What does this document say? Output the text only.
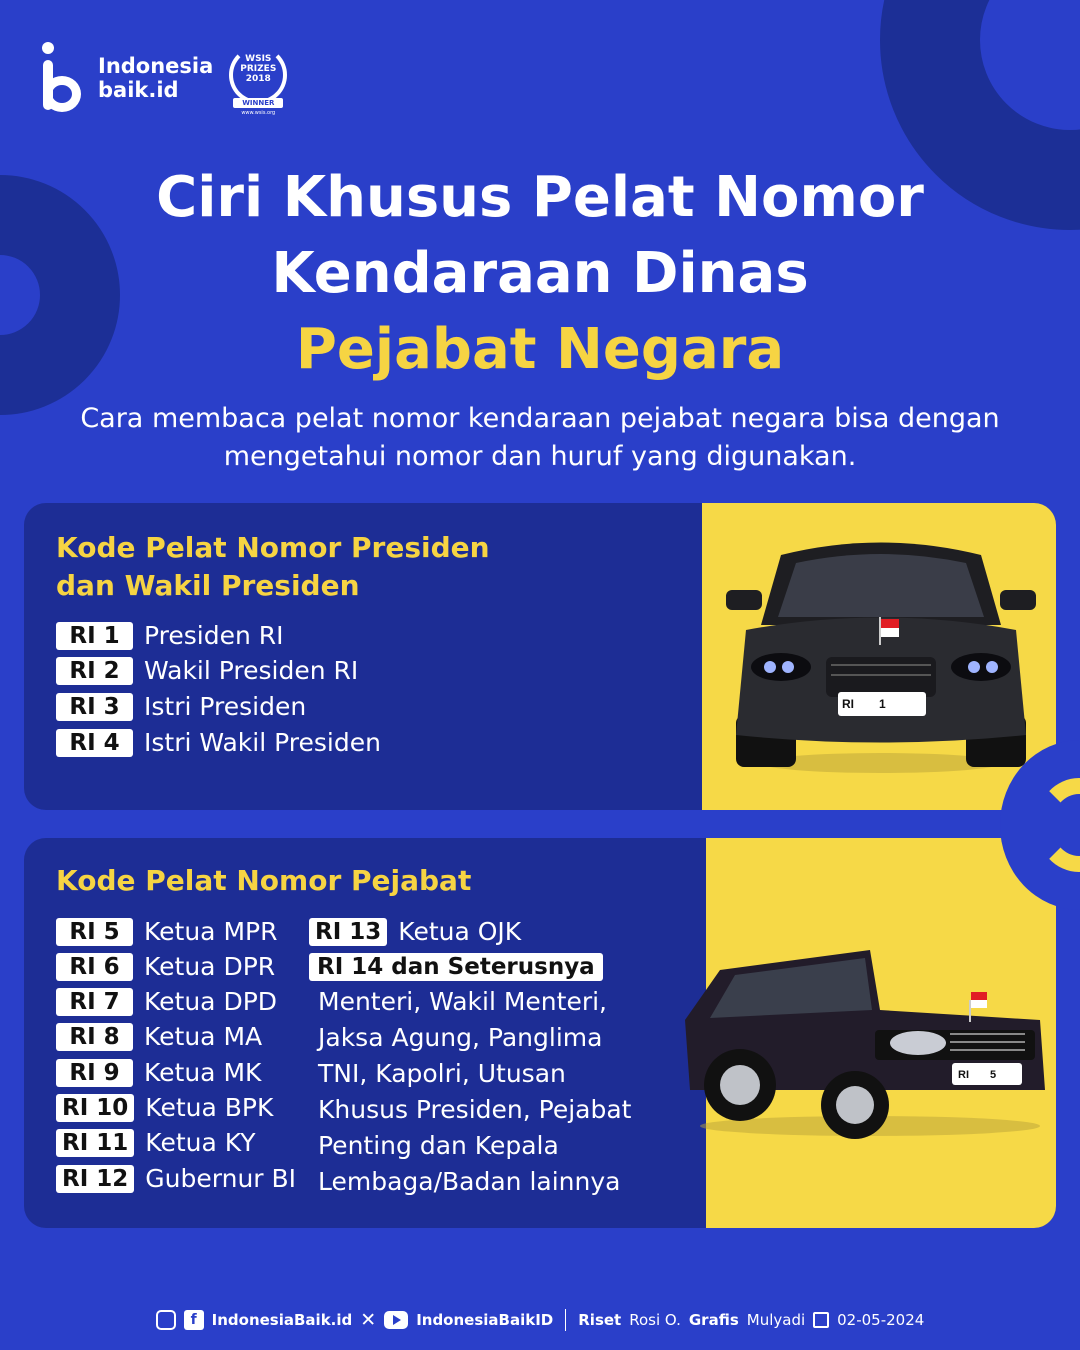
Indonesia
baik.id
WSIS PRIZES 2018
WINNER
www.wsis.org
Ciri Khusus Pelat Nomor
Kendaraan Dinas
Pejabat Negara
Cara membaca pelat nomor kendaraan pejabat negara bisa dengan mengetahui nomor dan huruf yang digunakan.
Kode Pelat Nomor Presiden
dan Wakil Presiden
RI 1 Presiden RI
RI 2 Wakil Presiden RI
RI 3 Istri Presiden
RI 4 Istri Wakil Presiden
Kode Pelat Nomor Pejabat
RI 5 Ketua MPR
RI 6 Ketua DPR
RI 7 Ketua DPD
RI 8 Ketua MA
RI 9 Ketua MK
RI 10 Ketua BPK
RI 11 Ketua KY
RI 12 Gubernur BI
RI 13 Ketua OJK
RI 14 dan Seterusnya
Menteri, Wakil Menteri,
Jaksa Agung, Panglima
TNI, Kapolri, Utusan
Khusus Presiden, Pejabat
Penting dan Kepala
Lembaga/Badan lainnya
RI 1
RI 5
f IndonesiaBaik.id ✕	IndonesiaBaikID Riset Rosi O. Grafis Mulyadi 02-05-2024
